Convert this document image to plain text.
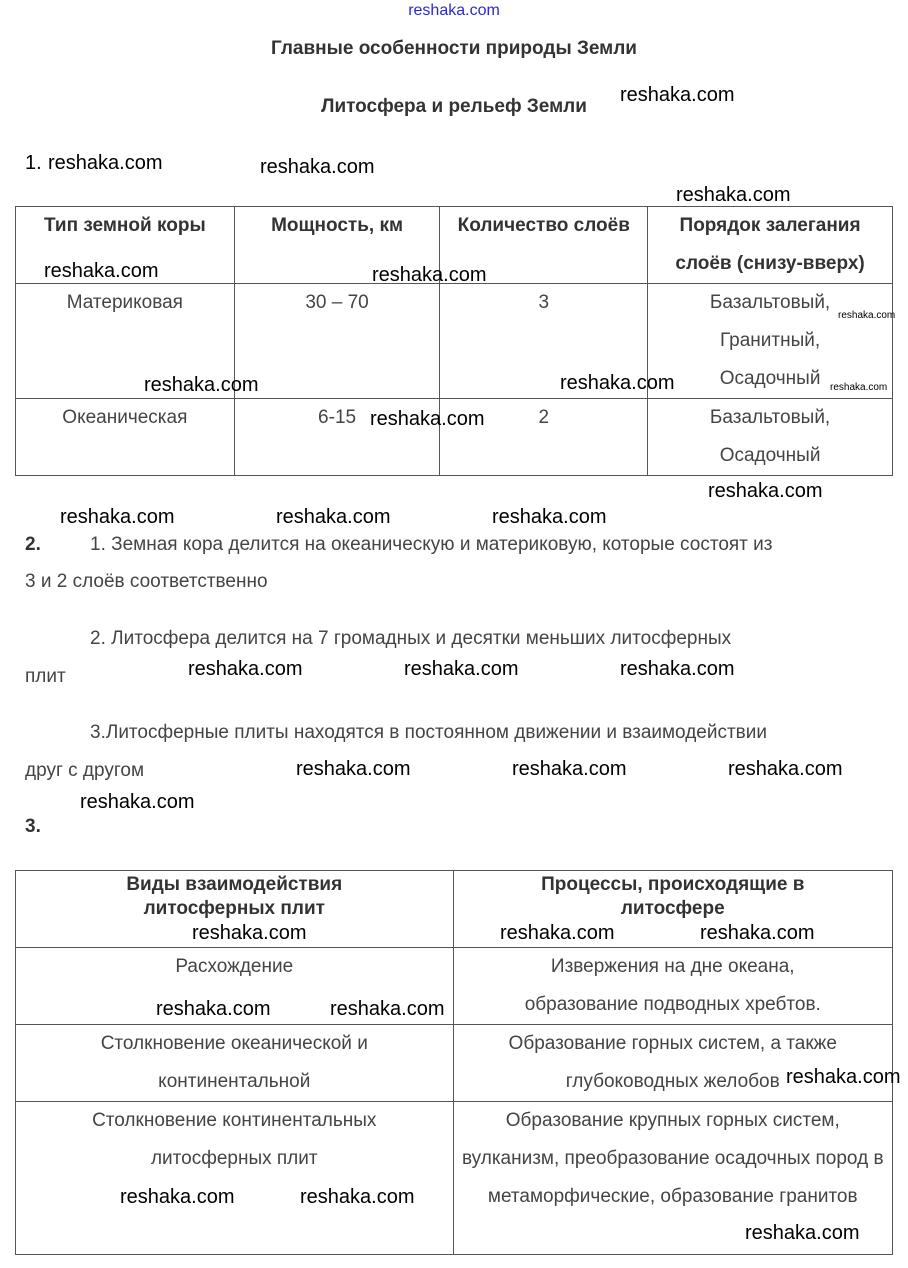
reshaka.com
Главные особенности природы Земли
Литосфера и рельеф Земли
1.
Тип земной коры	Мощность, км	Количество слоёв	Порядок залегания слоёв (снизу-вверх)
Материковая	30 – 70	3	Базальтовый, Гранитный, Осадочный
Океаническая	6-15	2	Базальтовый, Осадочный
2.	1. Земная кора делится на океаническую и материковую, которые состоят из
3 и 2 слоёв соответственно
2. Литосфера делится на 7 громадных и десятки меньших литосферных
плит
3.Литосферные плиты находятся в постоянном движении и взаимодействии
друг с другом
3.
Виды взаимодействия литосферных плит	Процессы, происходящие в литосфере
Расхождение	Извержения на дне океана, образование подводных хребтов.
Столкновение океанической и континентальной	Образование горных систем, а также глубоководных желобов
Столкновение континентальных литосферных плит	Образование крупных горных систем, вулканизм, преобразование осадочных пород в метаморфические, образование гранитов
reshaka.com
reshaka.com	reshaka.com
reshaka.com
reshaka.com	reshaka.com
reshaka.com
reshaka.com
reshaka.com
reshaka.com
reshaka.com
reshaka.com
reshaka.com	reshaka.com	reshaka.com
reshaka.com	reshaka.com	reshaka.com
reshaka.com	reshaka.com	reshaka.com
reshaka.com
reshaka.com	reshaka.com	reshaka.com
reshaka.com	reshaka.com
reshaka.com
reshaka.com	reshaka.com
reshaka.com
